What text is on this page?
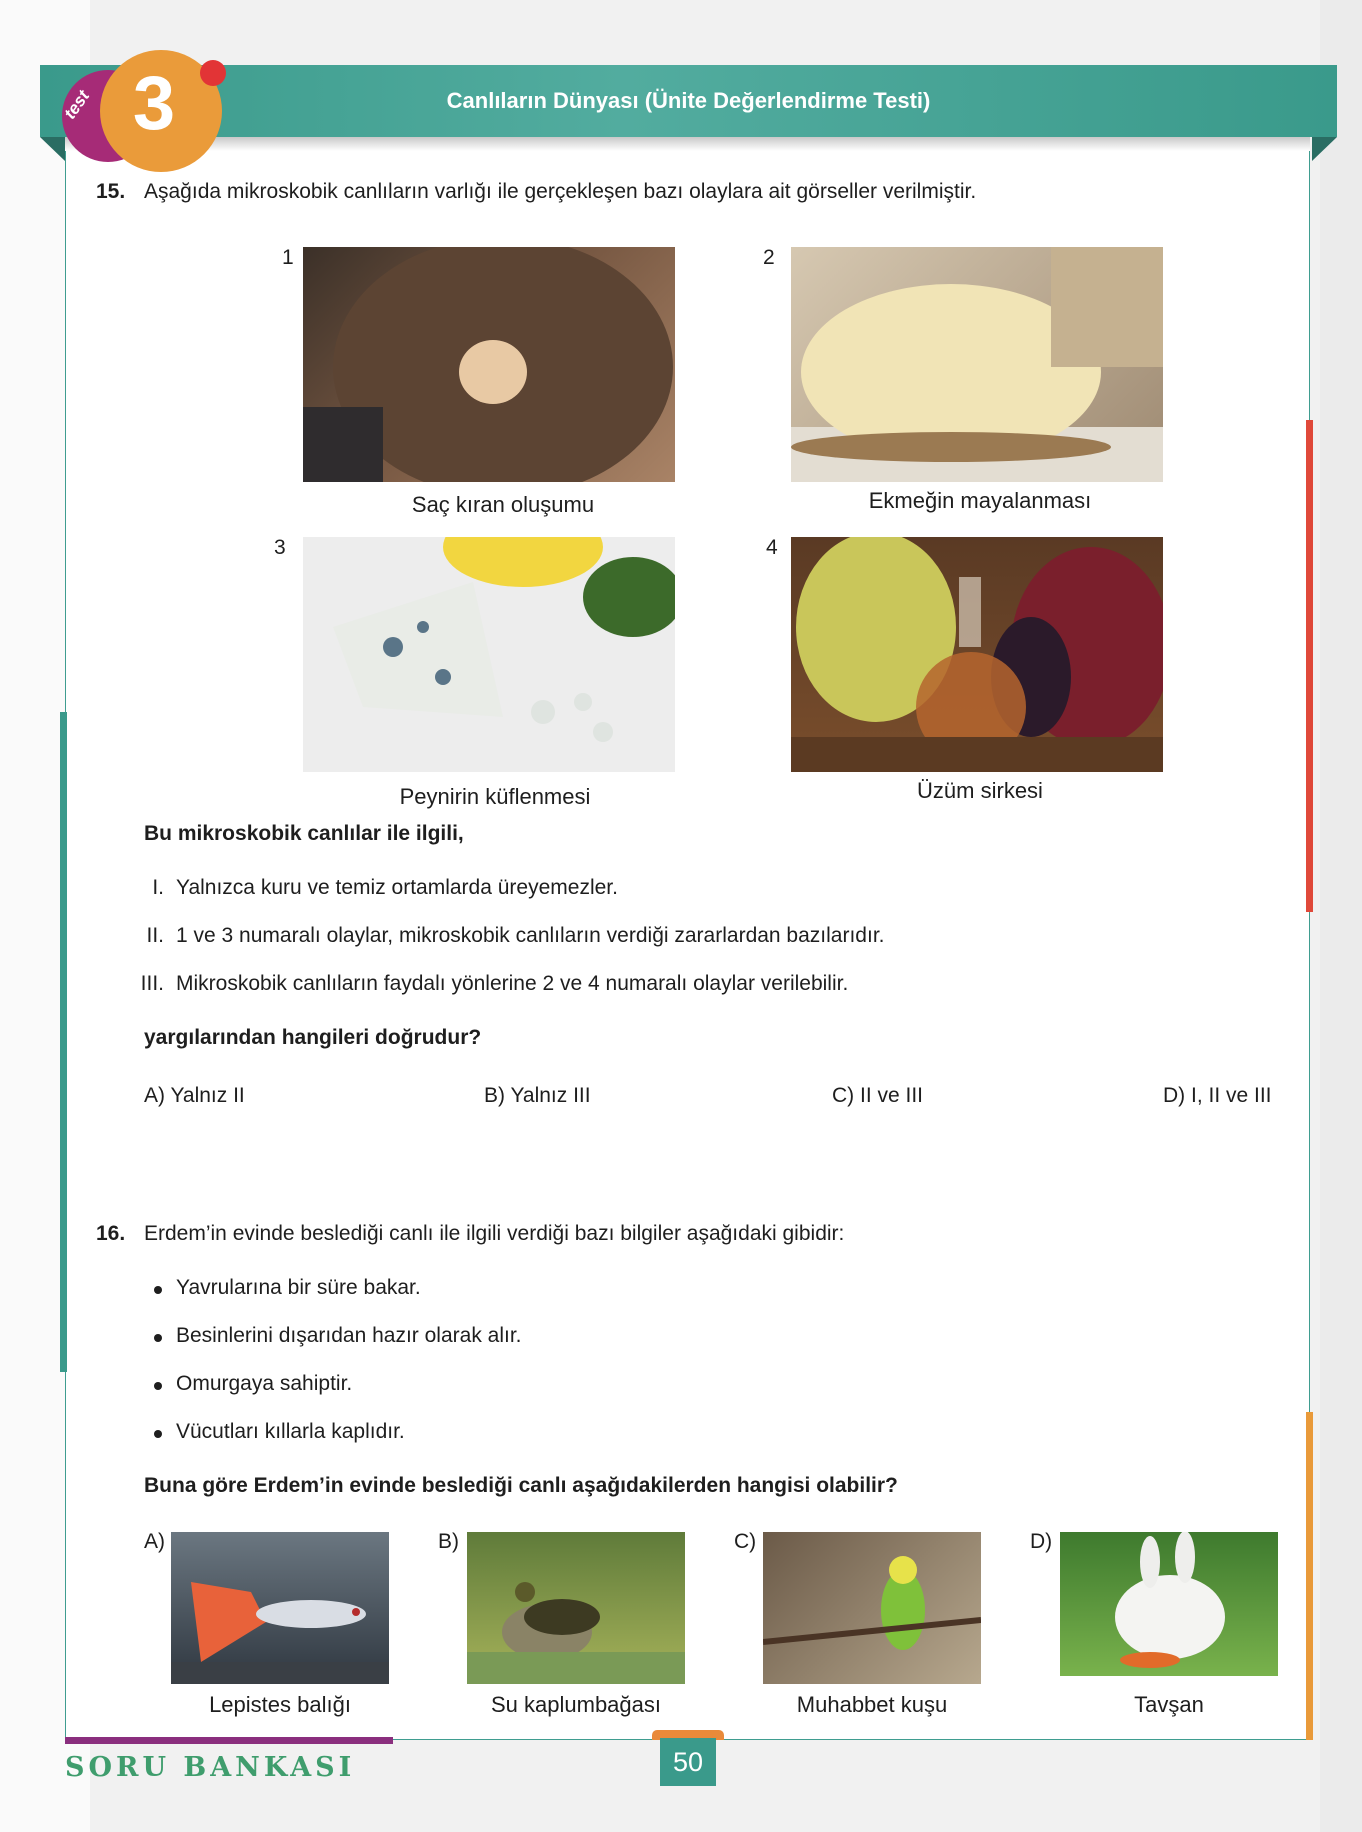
Canlıların Dünyası (Ünite Değerlendirme Testi)
3
test
15. Aşağıda mikroskobik canlıların varlığı ile gerçekleşen bazı olaylara ait görseller verilmiştir.
1
Saç kıran oluşumu
2
Ekmeğin mayalanması
3
Peynirin küflenmesi
4
Üzüm sirkesi
Bu mikroskobik canlılar ile ilgili,
I. Yalnızca kuru ve temiz ortamlarda üreyemezler.
II. 1 ve 3 numaralı olaylar, mikroskobik canlıların verdiği zararlardan bazılarıdır.
III. Mikroskobik canlıların faydalı yönlerine 2 ve 4 numaralı olaylar verilebilir.
yargılarından hangileri doğrudur?
A) Yalnız II	B) Yalnız III	C) II ve III	D) I, II ve III
16. Erdem’in evinde beslediği canlı ile ilgili verdiği bazı bilgiler aşağıdaki gibidir:
Yavrularına bir süre bakar.
Besinlerini dışarıdan hazır olarak alır.
Omurgaya sahiptir.
Vücutları kıllarla kaplıdır.
Buna göre Erdem’in evinde beslediği canlı aşağıdakilerden hangisi olabilir?
A)
Lepistes balığı
B)
Su kaplumbağası
C)
Muhabbet kuşu
D)
Tavşan
SORU BANKASI	50
